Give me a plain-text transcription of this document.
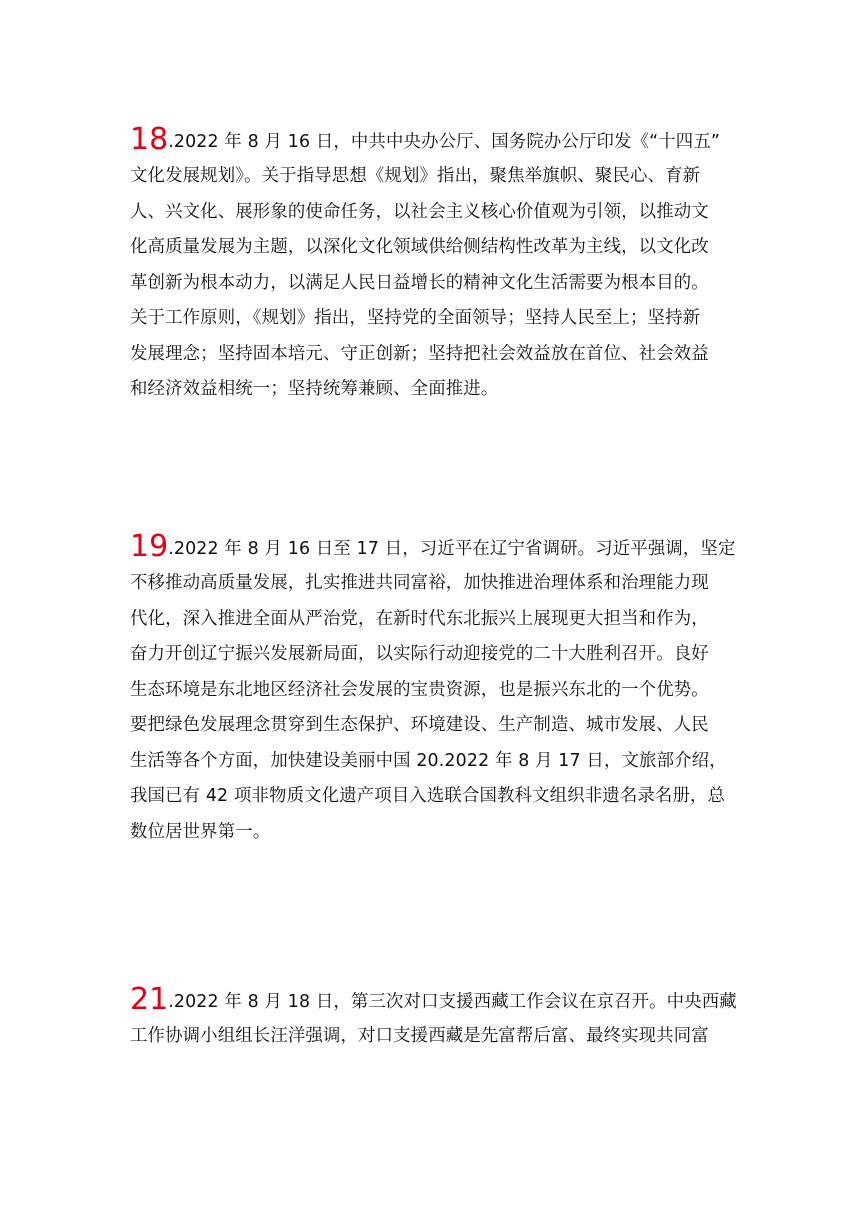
18.2022 年 8 月 16 日，中共中央办公厅、国务院办公厅印发《“十四五”
文化发展规划》。关于指导思想《规划》指出，聚焦举旗帜、聚民心、育新
人、兴文化、展形象的使命任务，以社会主义核心价值观为引领，以推动文
化高质量发展为主题，以深化文化领域供给侧结构性改革为主线，以文化改
革创新为根本动力，以满足人民日益增长的精神文化生活需要为根本目的。
关于工作原则，《规划》指出，坚持党的全面领导；坚持人民至上；坚持新
发展理念；坚持固本培元、守正创新；坚持把社会效益放在首位、社会效益
和经济效益相统一；坚持统筹兼顾、全面推进。
19.2022 年 8 月 16 日至 17 日，习近平在辽宁省调研。习近平强调，坚定
不移推动高质量发展，扎实推进共同富裕，加快推进治理体系和治理能力现
代化，深入推进全面从严治党，在新时代东北振兴上展现更大担当和作为，
奋力开创辽宁振兴发展新局面，以实际行动迎接党的二十大胜利召开。良好
生态环境是东北地区经济社会发展的宝贵资源，也是振兴东北的一个优势。
要把绿色发展理念贯穿到生态保护、环境建设、生产制造、城市发展、人民
生活等各个方面，加快建设美丽中国 20.2022 年 8 月 17 日，文旅部介绍，
我国已有 42 项非物质文化遗产项目入选联合国教科文组织非遗名录名册，总
数位居世界第一。
21.2022 年 8 月 18 日，第三次对口支援西藏工作会议在京召开。中央西藏
工作协调小组组长汪洋强调，对口支援西藏是先富帮后富、最终实现共同富
